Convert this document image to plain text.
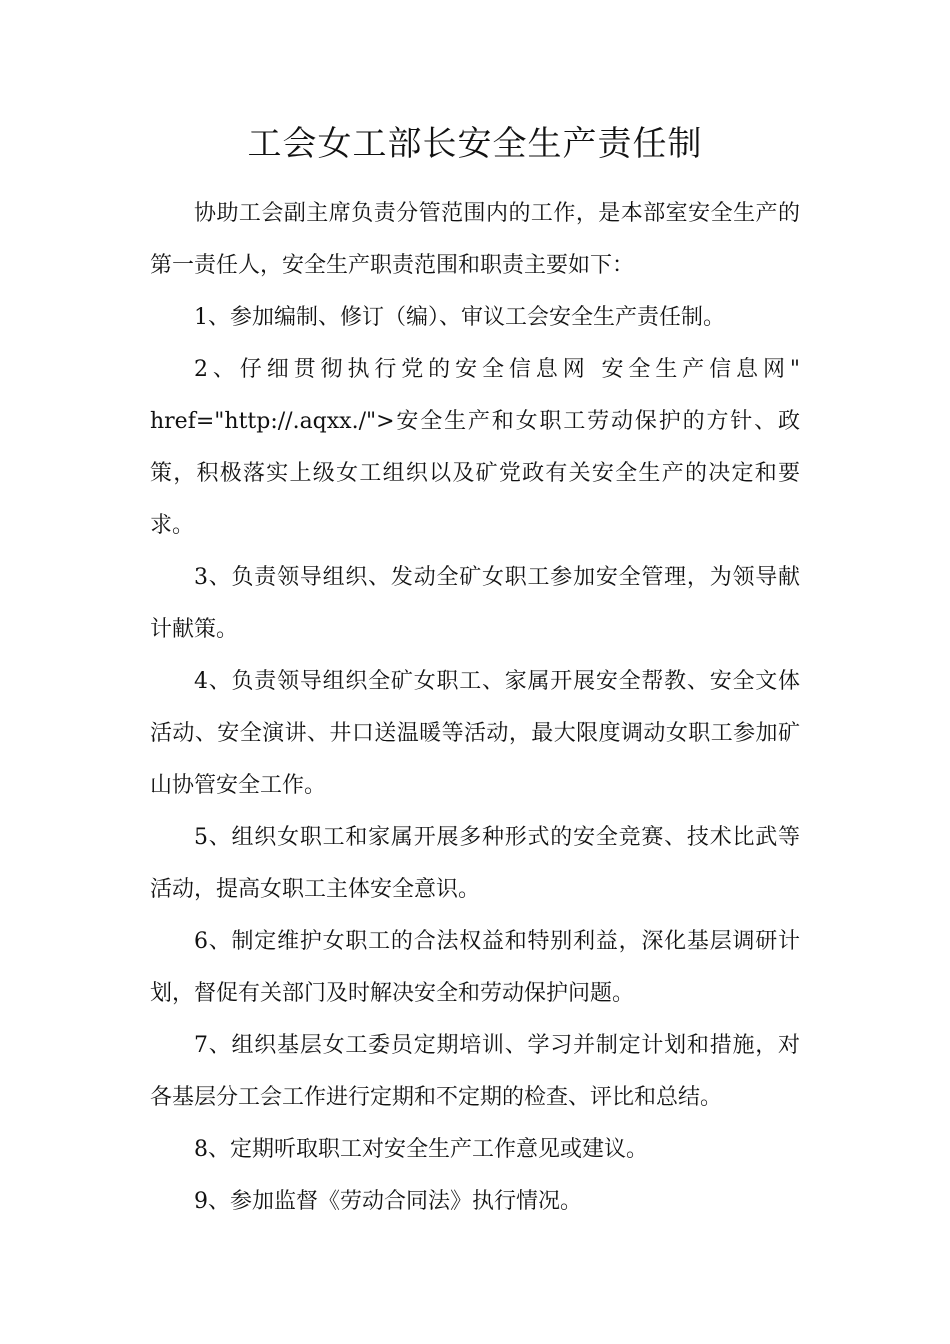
工会女工部长安全生产责任制

协助工会副主席负责分管范围内的工作，是本部室安全生产的第一责任人，安全生产职责范围和职责主要如下：

1、参加编制、修订（编）、审议工会安全生产责任制。

2、仔细贯彻执行党的安全信息网 安全生产信息网" href="http://.aqxx./">安全生产和女职工劳动保护的方针、政策，积极落实上级女工组织以及矿党政有关安全生产的决定和要求。

3、负责领导组织、发动全矿女职工参加安全管理，为领导献计献策。

4、负责领导组织全矿女职工、家属开展安全帮教、安全文体活动、安全演讲、井口送温暖等活动，最大限度调动女职工参加矿山协管安全工作。

5、组织女职工和家属开展多种形式的安全竞赛、技术比武等活动，提高女职工主体安全意识。

6、制定维护女职工的合法权益和特别利益，深化基层调研计划，督促有关部门及时解决安全和劳动保护问题。

7、组织基层女工委员定期培训、学习并制定计划和措施，对各基层分工会工作进行定期和不定期的检查、评比和总结。

8、定期听取职工对安全生产工作意见或建议。

9、参加监督《劳动合同法》执行情况。
